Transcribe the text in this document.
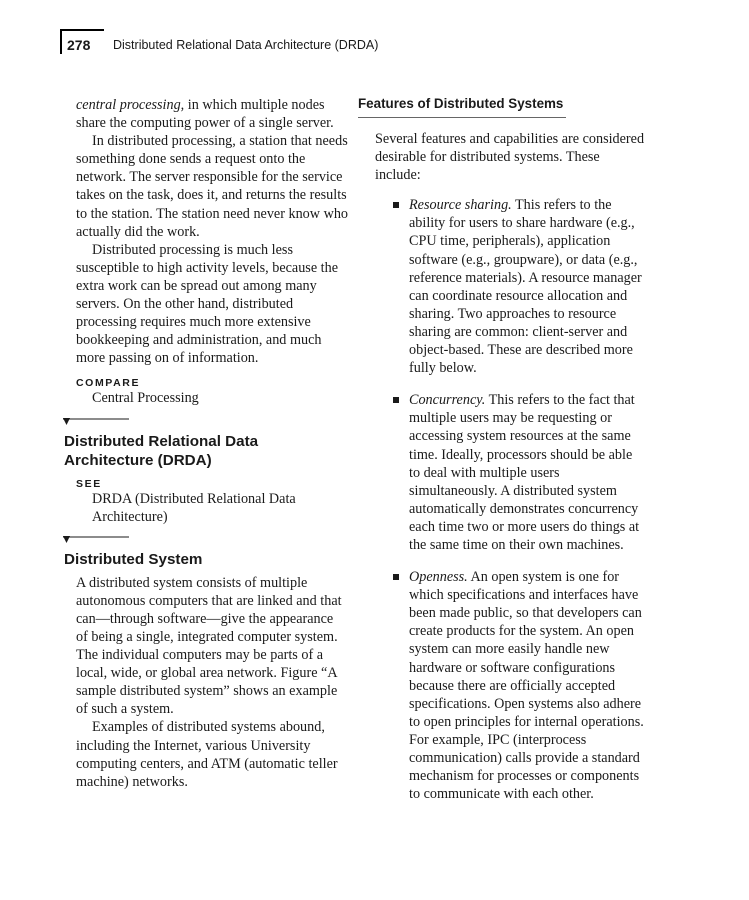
278 Distributed Relational Data Architecture (DRDA)

central processing, in which multiple nodes share the computing power of a single server.

In distributed processing, a station that needs something done sends a request onto the network. The server responsible for the service takes on the task, does it, and returns the results to the station. The station need never know who actually did the work.

Distributed processing is much less susceptible to high activity levels, because the extra work can be spread out among many servers. On the other hand, distributed processing requires much more extensive bookkeeping and administration, and much more passing on of information.

COMPARE
Central Processing
Distributed Relational Data Architecture (DRDA)
SEE
DRDA (Distributed Relational Data Architecture)
Distributed System

A distributed system consists of multiple autonomous computers that are linked and that can—through software—give the appearance of being a single, integrated computer system. The individual computers may be parts of a local, wide, or global area network. Figure “A sample distributed system” shows an example of such a system.

Examples of distributed systems abound, including the Internet, various University computing centers, and ATM (automatic teller machine) networks.

Features of Distributed Systems

Several features and capabilities are considered desirable for distributed systems. These include:

Resource sharing. This refers to the ability for users to share hardware (e.g., CPU time, peripherals), application software (e.g., groupware), or data (e.g., reference materials). A resource manager can coordinate resource allocation and sharing. Two approaches to resource sharing are common: client-server and object-based. These are described more fully below.

Concurrency. This refers to the fact that multiple users may be requesting or accessing system resources at the same time. Ideally, processors should be able to deal with multiple users simultaneously. A distributed system automatically demonstrates concurrency each time two or more users do things at the same time on their own machines.

Openness. An open system is one for which specifications and interfaces have been made public, so that developers can create products for the system. An open system can more easily handle new hardware or software configurations because there are officially accepted specifications. Open systems also adhere to open principles for internal operations. For example, IPC (interprocess communication) calls provide a standard mechanism for processes or components to communicate with each other.
